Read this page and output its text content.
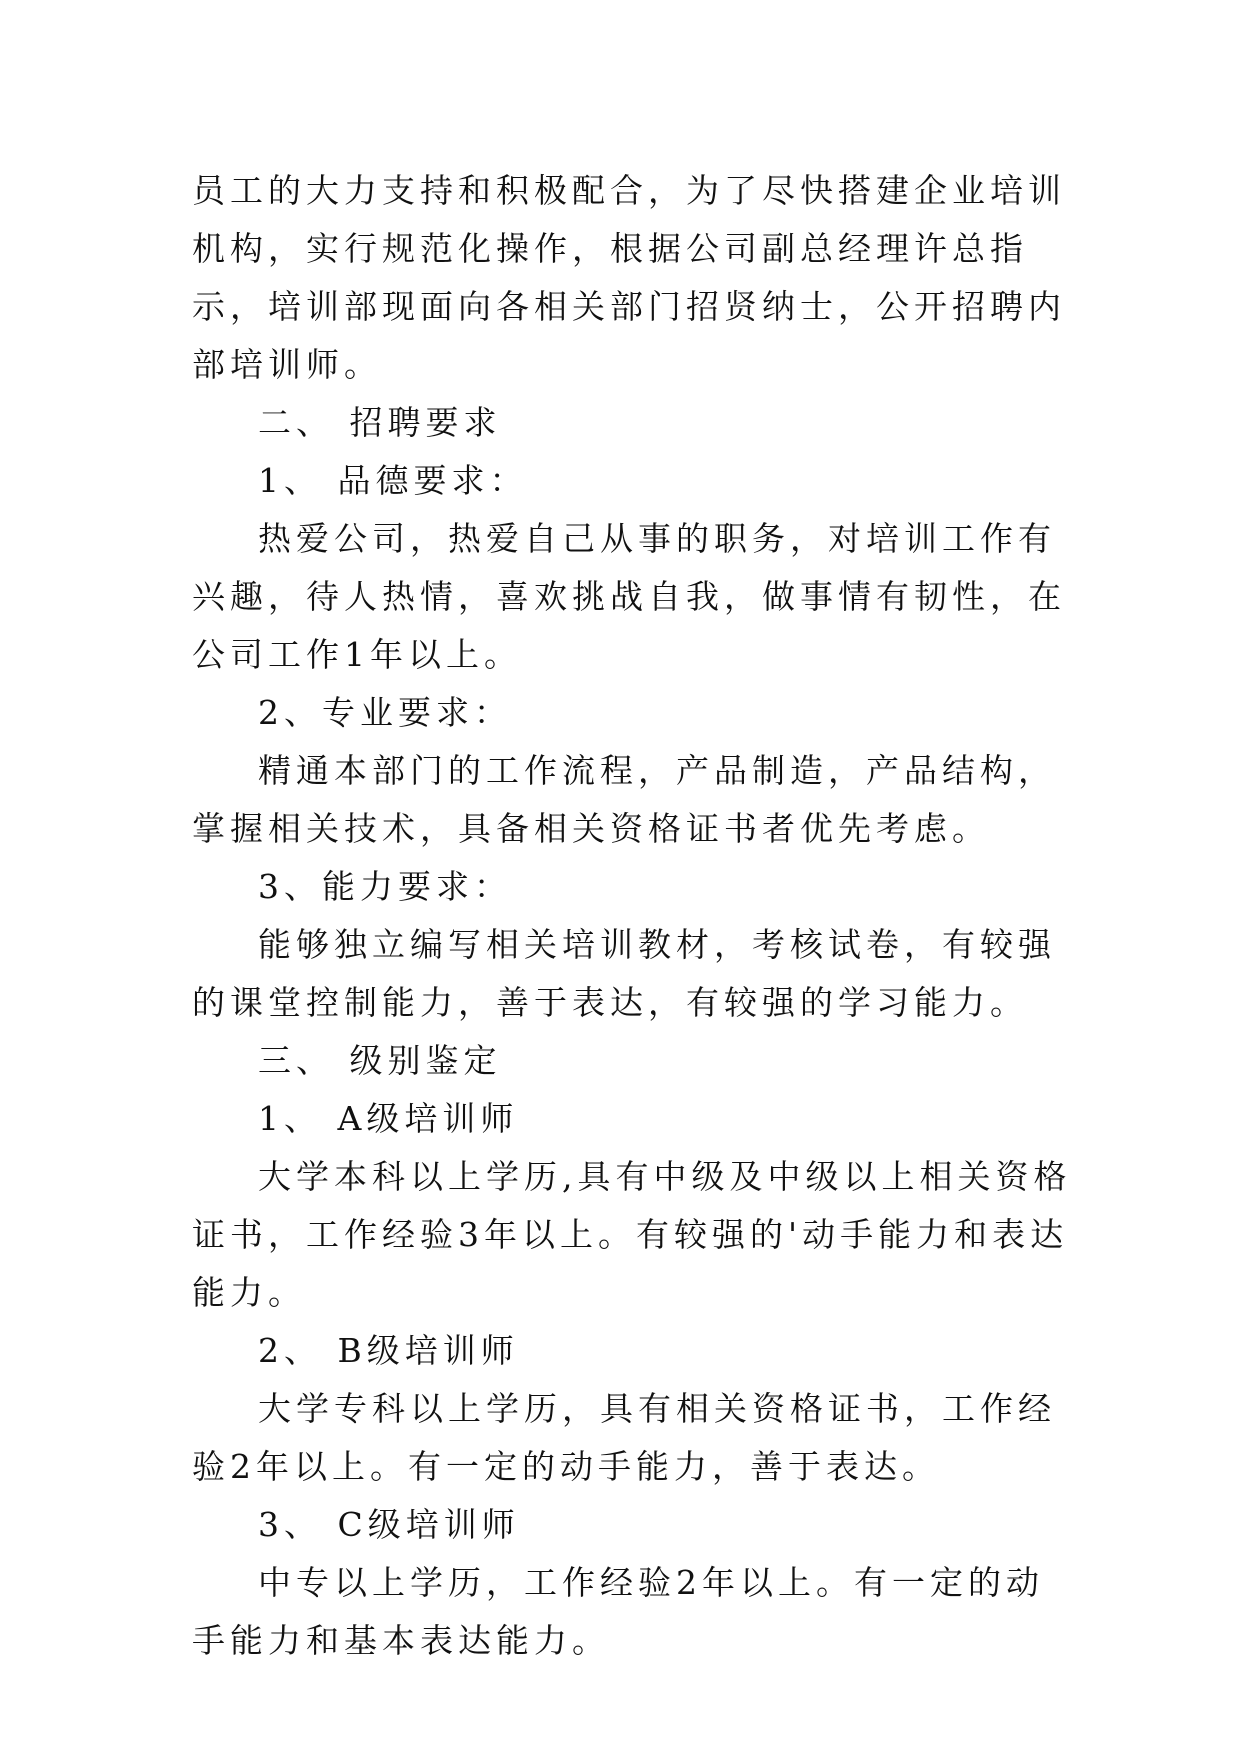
员工的大力支持和积极配合，为了尽快搭建企业培训机构，实行规范化操作，根据公司副总经理许总指示，培训部现面向各相关部门招贤纳士，公开招聘内部培训师。

二、 招聘要求

1、 品德要求：

热爱公司，热爱自己从事的职务，对培训工作有兴趣，待人热情，喜欢挑战自我，做事情有韧性，在公司工作1年以上。

2、专业要求：

精通本部门的工作流程，产品制造，产品结构，掌握相关技术，具备相关资格证书者优先考虑。

3、能力要求：

能够独立编写相关培训教材，考核试卷，有较强的课堂控制能力，善于表达，有较强的学习能力。

三、 级别鉴定

1、 A级培训师

大学本科以上学历,具有中级及中级以上相关资格证书，工作经验3年以上。有较强的'动手能力和表达能力。

2、 B级培训师

大学专科以上学历，具有相关资格证书，工作经验2年以上。有一定的动手能力，善于表达。

3、 C级培训师

中专以上学历，工作经验2年以上。有一定的动手能力和基本表达能力。
